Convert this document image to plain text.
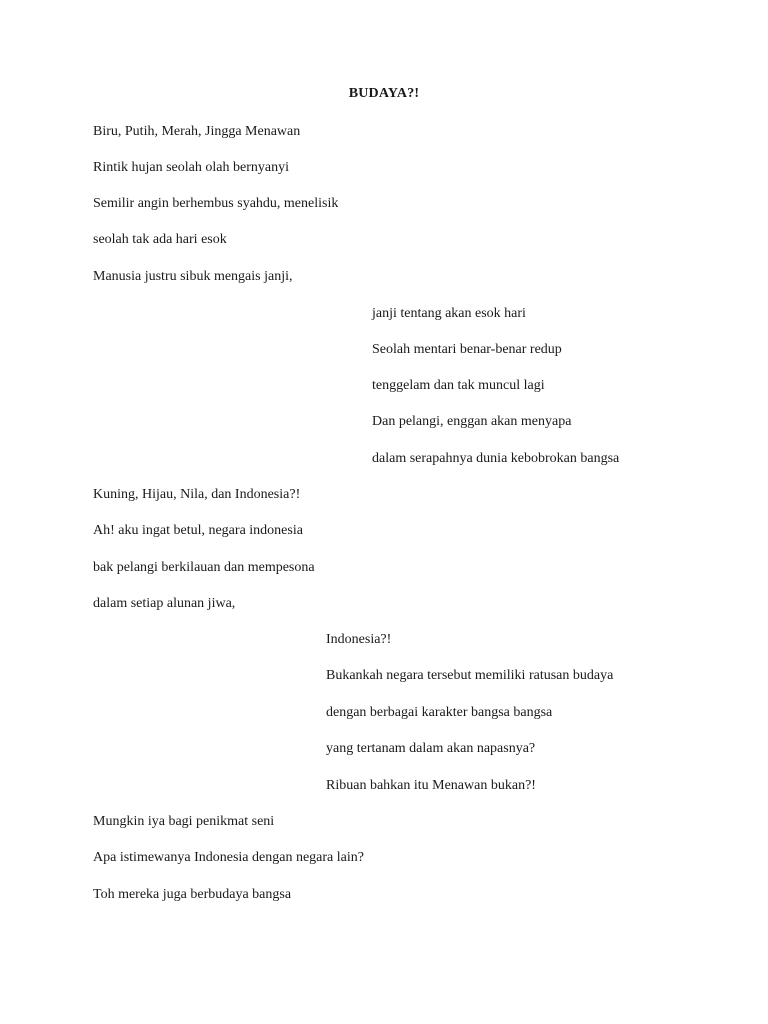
BUDAYA?!
Biru, Putih, Merah, Jingga Menawan
Rintik hujan seolah olah bernyanyi
Semilir angin berhembus syahdu, menelisik
seolah tak ada hari esok
Manusia justru sibuk mengais janji,
janji tentang akan esok hari
Seolah mentari benar-benar redup
tenggelam dan tak muncul lagi
Dan pelangi, enggan akan menyapa
dalam serapahnya dunia kebobrokan bangsa
Kuning, Hijau, Nila, dan Indonesia?!
Ah! aku ingat betul, negara indonesia
bak pelangi berkilauan dan mempesona
dalam setiap alunan jiwa,
Indonesia?!
Bukankah negara tersebut memiliki ratusan budaya
dengan berbagai karakter bangsa bangsa
yang tertanam dalam akan napasnya?
Ribuan bahkan itu Menawan bukan?!
Mungkin iya bagi penikmat seni
Apa istimewanya Indonesia dengan negara lain?
Toh mereka juga berbudaya bangsa
